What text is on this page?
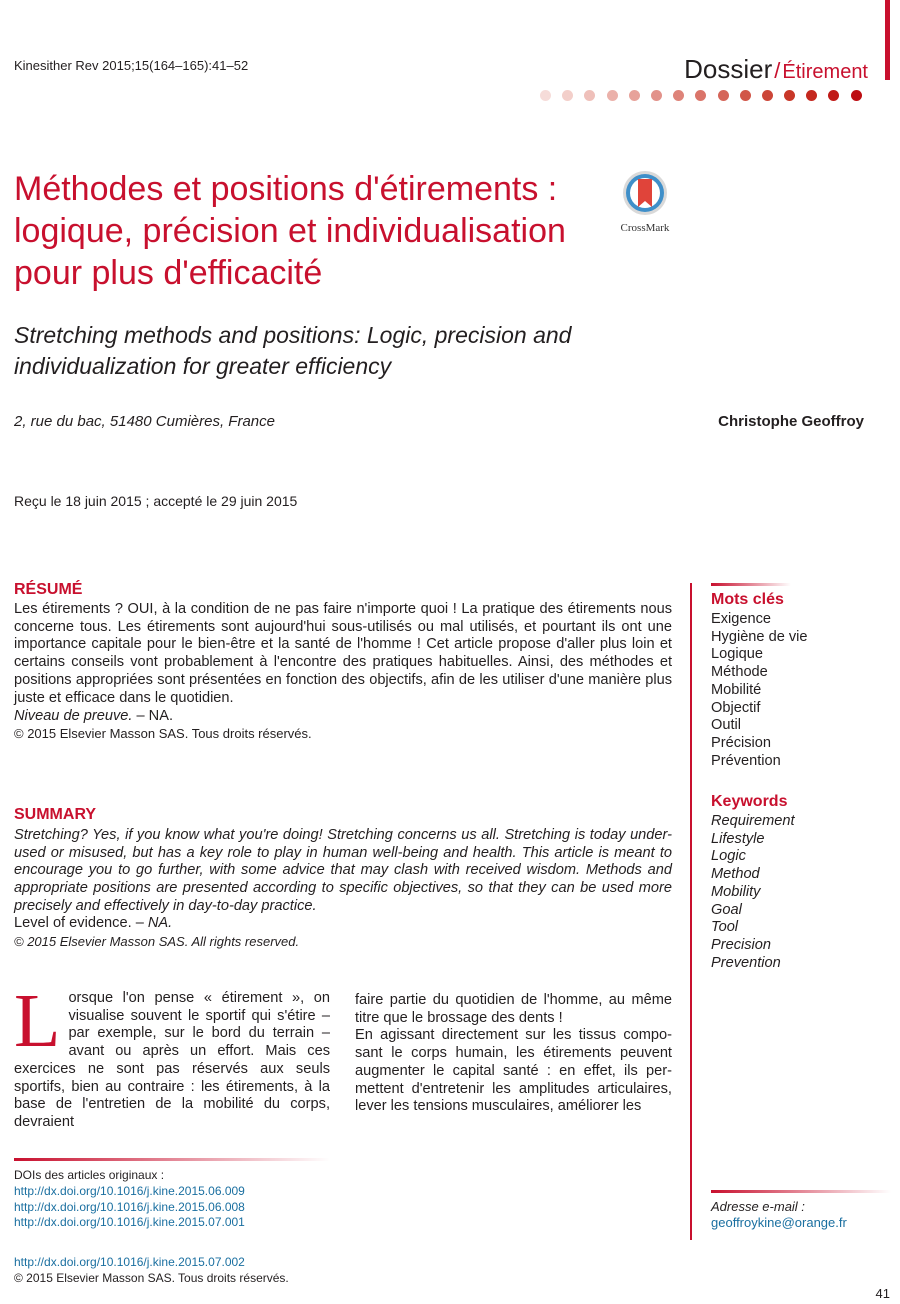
Kinesither Rev 2015;15(164–165):41–52	Dossier/ Étirement
Méthodes et positions d'étirements : logique, précision et individualisation pour plus d'efficacité
CrossMark
Stretching methods and positions: Logic, precision and individualization for greater efficiency
2, rue du bac, 51480 Cumières, France	Christophe Geoffroy
Reçu le 18 juin 2015 ; accepté le 29 juin 2015
RÉSUMÉ
Les étirements ? OUI, à la condition de ne pas faire n'importe quoi ! La pratique des étirements nous concerne tous. Les étirements sont aujourd'hui sous-utilisés ou mal utilisés, et pourtant ils ont une importance capitale pour le bien-être et la santé de l'homme ! Cet article propose d'aller plus loin et certains conseils vont probablement à l'encontre des pratiques habituelles. Ainsi, des méthodes et positions appropriées sont présentées en fonction des objectifs, afin de les utiliser d'une manière plus juste et efficace dans le quotidien.
Niveau de preuve. – NA.
© 2015 Elsevier Masson SAS. Tous droits réservés.
SUMMARY
Stretching? Yes, if you know what you're doing! Stretching concerns us all. Stretching is today under-used or misused, but has a key role to play in human well-being and health. This article is meant to encourage you to go further, with some advice that may clash with received wisdom. Methods and appropriate positions are presented according to specific objectives, so that they can be used more precisely and effectively in day-to-day practice.
Level of evidence. – NA.
© 2015 Elsevier Masson SAS. All rights reserved.
Lorsque l'on pense « étirement », on visualise souvent le sportif qui s'étire – par exemple, sur le bord du terrain – avant ou après un effort. Mais ces exercices ne sont pas réservés aux seuls sportifs, bien au contraire : les étirements, à la base de l'entretien de la mobilité du corps, devraient
faire partie du quotidien de l'homme, au même titre que le brossage des dents !
En agissant directement sur les tissus compo-sant le corps humain, les étirements peuvent augmenter le capital santé : en effet, ils per-mettent d'entretenir les amplitudes articulaires, lever les tensions musculaires, améliorer les
Mots clés
Exigence
Hygiène de vie
Logique
Méthode
Mobilité
Objectif
Outil
Précision
Prévention
Keywords
Requirement
Lifestyle
Logic
Method
Mobility
Goal
Tool
Precision
Prevention
Adresse e-mail :
geoffroykine@orange.fr
DOIs des articles originaux :
http://dx.doi.org/10.1016/j.kine.2015.06.009
http://dx.doi.org/10.1016/j.kine.2015.06.008
http://dx.doi.org/10.1016/j.kine.2015.07.001
http://dx.doi.org/10.1016/j.kine.2015.07.002
© 2015 Elsevier Masson SAS. Tous droits réservés.
41
